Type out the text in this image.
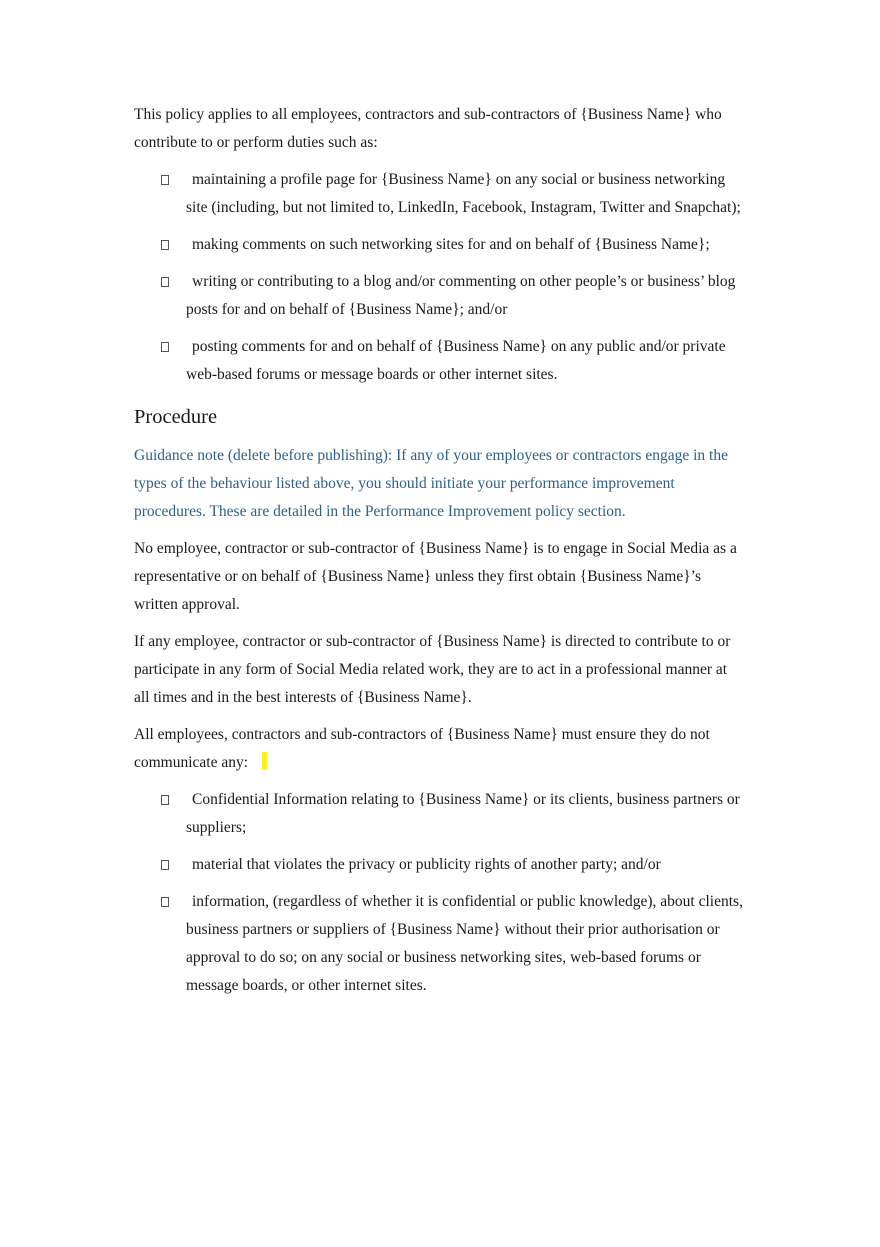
This policy applies to all employees, contractors and sub-contractors of {Business Name} who contribute to or perform duties such as:

maintaining a profile page for {Business Name} on any social or business networking site (including, but not limited to, LinkedIn, Facebook, Instagram, Twitter and Snapchat);
making comments on such networking sites for and on behalf of {Business Name};
writing or contributing to a blog and/or commenting on other people’s or business’ blog posts for and on behalf of {Business Name}; and/or
posting comments for and on behalf of {Business Name} on any public and/or private web-based forums or message boards or other internet sites.
Procedure

Guidance note (delete before publishing): If any of your employees or contractors engage in the types of the behaviour listed above, you should initiate your performance improvement procedures. These are detailed in the Performance Improvement policy section.

No employee, contractor or sub-contractor of {Business Name} is to engage in Social Media as a representative or on behalf of {Business Name} unless they first obtain {Business Name}’s written approval.

If any employee, contractor or sub-contractor of {Business Name} is directed to contribute to or participate in any form of Social Media related work, they are to act in a professional manner at all times and in the best interests of {Business Name}.

All employees, contractors and sub-contractors of {Business Name} must ensure they do not communicate any:

Confidential Information relating to {Business Name} or its clients, business partners or suppliers;
material that violates the privacy or publicity rights of another party; and/or
information, (regardless of whether it is confidential or public knowledge), about clients, business partners or suppliers of {Business Name} without their prior authorisation or approval to do so; on any social or business networking sites, web-based forums or message boards, or other internet sites.
